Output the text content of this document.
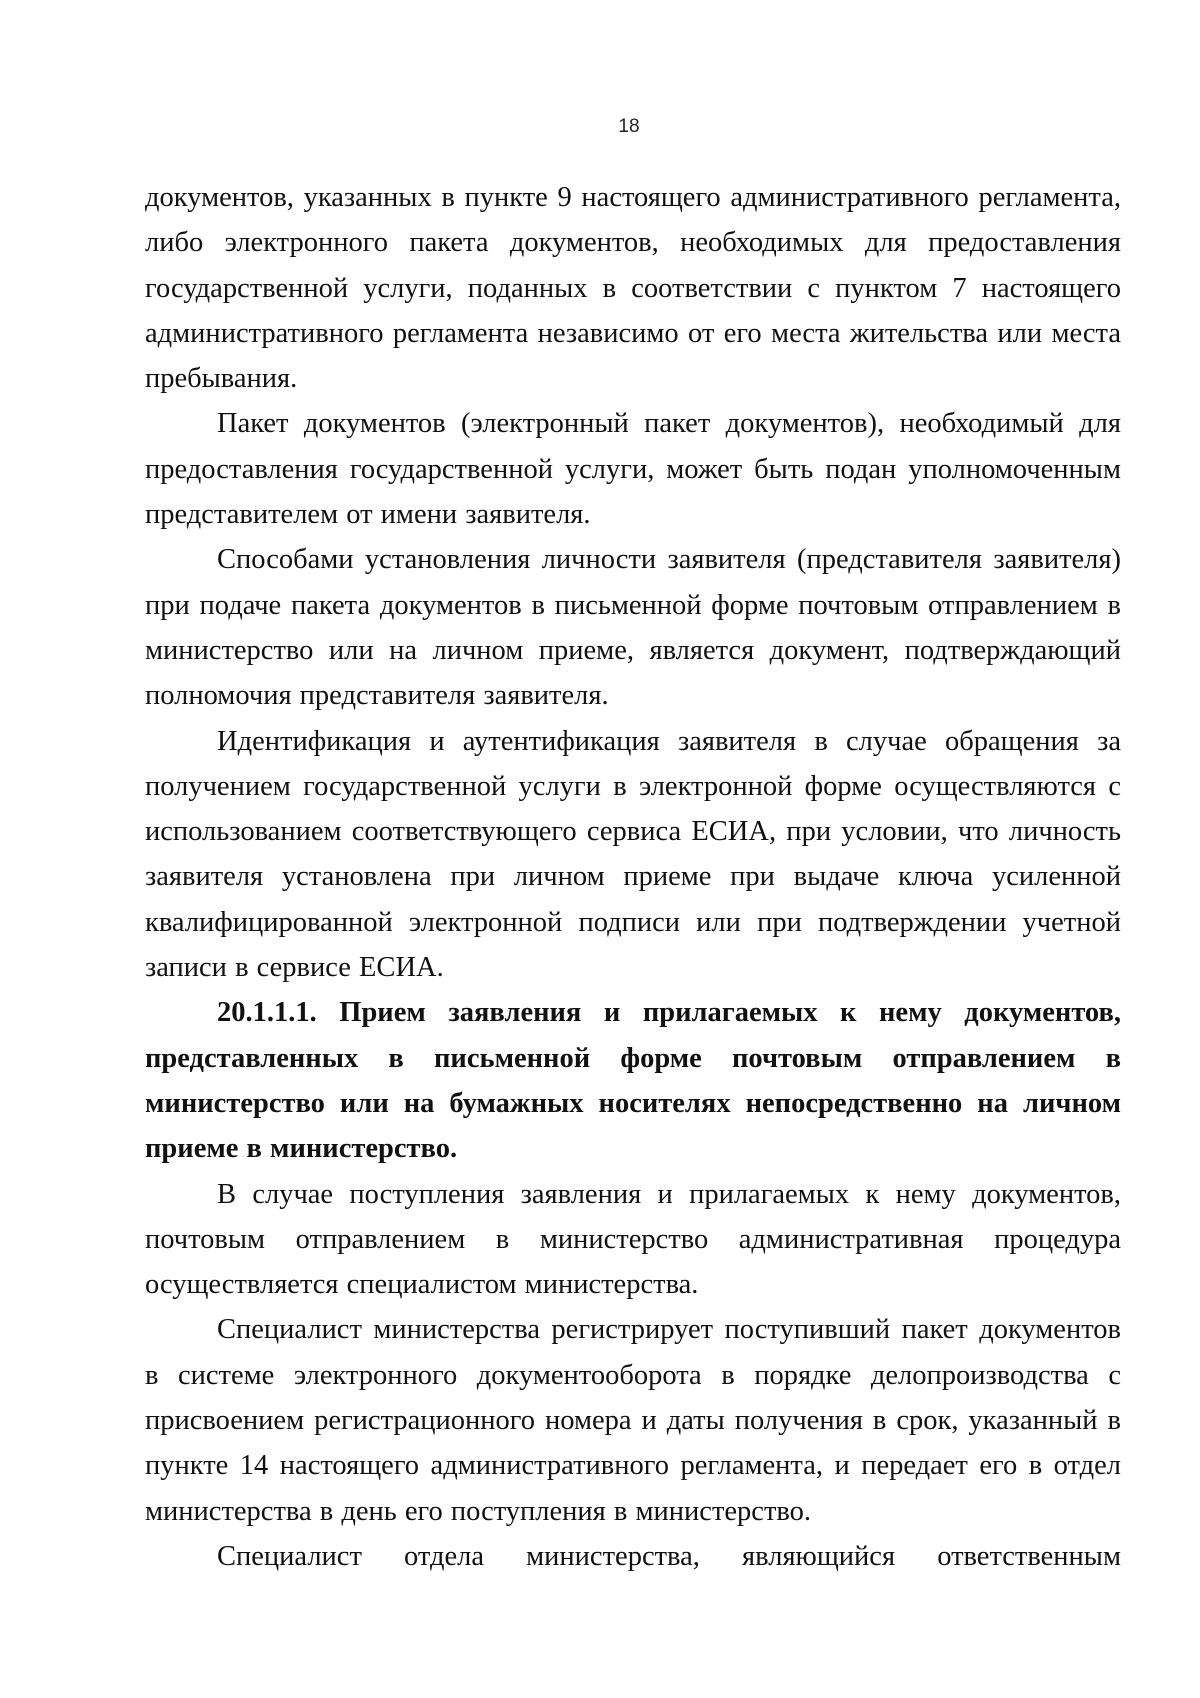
18

документов, указанных в пункте 9 настоящего административного регламента, либо электронного пакета документов, необходимых для предоставления государственной услуги, поданных в соответствии с пунктом 7 настоящего административного регламента независимо от его места жительства или места пребывания.

Пакет документов (электронный пакет документов), необходимый для предоставления государственной услуги, может быть подан уполномоченным представителем от имени заявителя.

Способами установления личности заявителя (представителя заявителя) при подаче пакета документов в письменной форме почтовым отправлением в министерство или на личном приеме, является документ, подтверждающий полномочия представителя заявителя.

Идентификация и аутентификация заявителя в случае обращения за получением государственной услуги в электронной форме осуществляются с использованием соответствующего сервиса ЕСИА, при условии, что личность заявителя установлена при личном приеме при выдаче ключа усиленной квалифицированной электронной подписи или при подтверждении учетной записи в сервисе ЕСИА.

20.1.1.1. Прием заявления и прилагаемых к нему документов, представленных в письменной форме почтовым отправлением в министерство или на бумажных носителях непосредственно на личном приеме в министерство.

В случае поступления заявления и прилагаемых к нему документов, почтовым отправлением в министерство административная процедура осуществляется специалистом министерства.

Специалист министерства регистрирует поступивший пакет документов в системе электронного документооборота в порядке делопроизводства с присвоением регистрационного номера и даты получения в срок, указанный в пункте 14 настоящего административного регламента, и передает его в отдел министерства в день его поступления в министерство.

Специалист отдела министерства, являющийся ответственным
